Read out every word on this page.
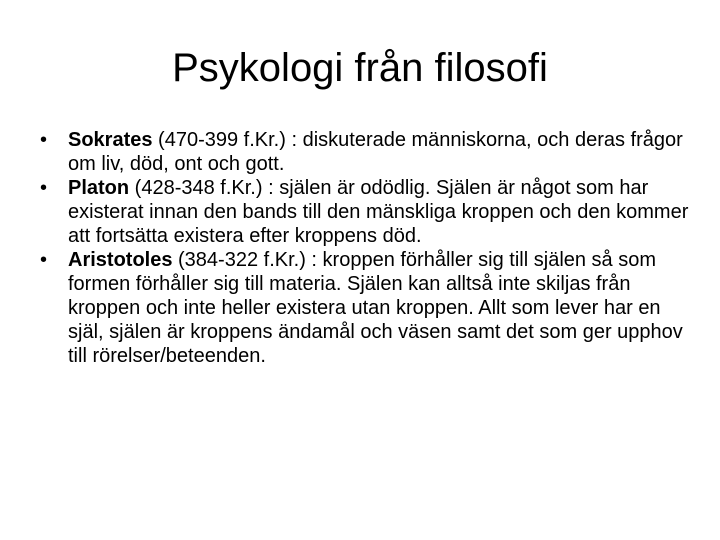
Psykologi från filosofi
•	Sokrates (470-399 f.Kr.) : diskuterade människorna, och deras frågor om liv, död, ont och gott.
•	Platon (428-348 f.Kr.) : själen är odödlig. Själen är något som har existerat innan den bands till den mänskliga kroppen och den kommer att fortsätta existera efter kroppens död.
•	Aristotoles (384-322 f.Kr.) : kroppen förhåller sig till själen så som formen förhåller sig till materia. Själen kan alltså inte skiljas från kroppen och inte heller existera utan kroppen. Allt som lever har en själ, själen är kroppens ändamål och väsen samt det som ger upphov till rörelser/beteenden.
